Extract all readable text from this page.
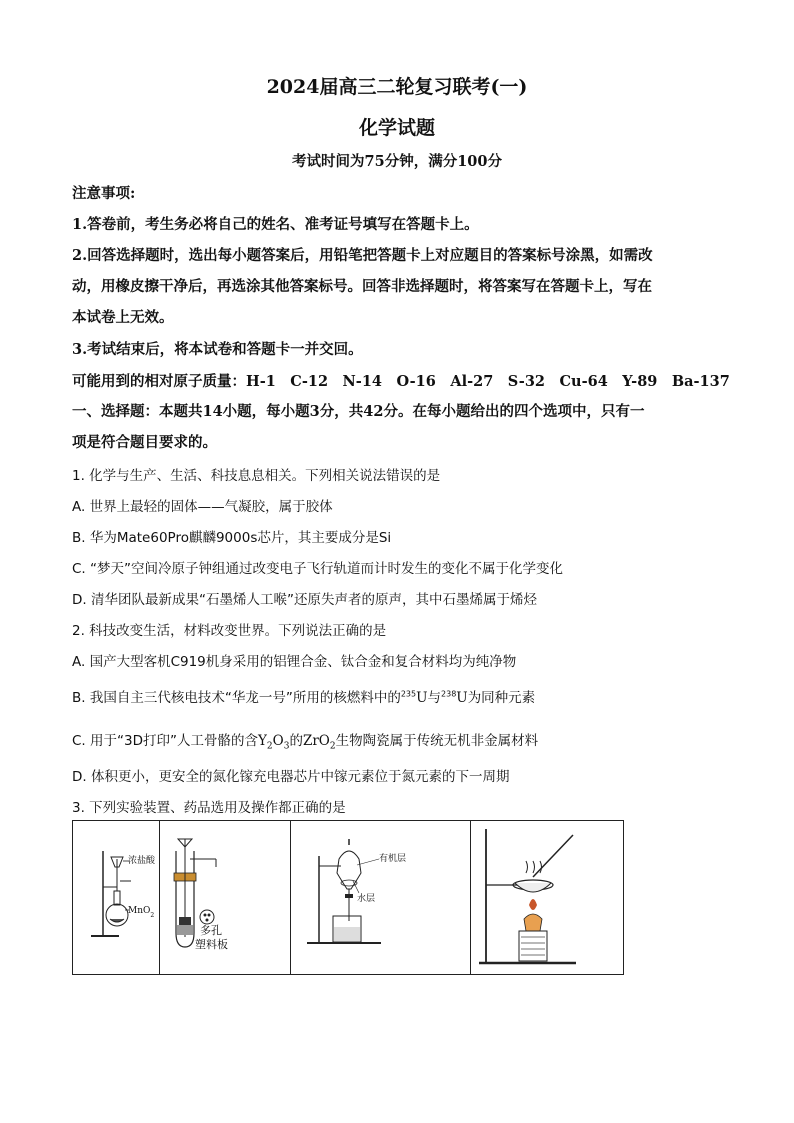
2024届高三二轮复习联考(一)
化学试题
考试时间为75分钟，满分100分
注意事项:
1.答卷前，考生务必将自己的姓名、准考证号填写在答题卡上。
2.回答选择题时，选出每小题答案后，用铅笔把答题卡上对应题目的答案标号涂黑，如需改
动，用橡皮擦干净后，再选涂其他答案标号。回答非选择题时，将答案写在答题卡上，写在
本试卷上无效。
3.考试结束后，将本试卷和答题卡一并交回。
可能用到的相对原子质量：H-1　C-12　N-14　O-16　Al-27　S-32　Cu-64　Y-89　Ba-137
一、选择题：本题共14小题，每小题3分，共42分。在每小题给出的四个选项中，只有一
项是符合题目要求的。
1. 化学与生产、生活、科技息息相关。下列相关说法错误的是
A. 世界上最轻的固体——气凝胶，属于胶体
B. 华为Mate60Pro麒麟9000s芯片，其主要成分是Si
C. “梦天”空间冷原子钟组通过改变电子飞行轨道而计时发生的变化不属于化学变化
D. 清华团队最新成果“石墨烯人工喉”还原失声者的原声，其中石墨烯属于烯烃
2. 科技改变生活，材料改变世界。下列说法正确的是
A. 国产大型客机C919机身采用的铝锂合金、钛合金和复合材料均为纯净物
B. 我国自主三代核电技术“华龙一号”所用的核燃料中的$^{235}$U与$^{238}$U为同种元素
C. 用于“3D打印”人工骨骼的含$Y_2O_3$的ZrO$_2$生物陶瓷属于传统无机非金属材料
D. 体积更小，更安全的氮化镓充电器芯片中镓元素位于氮元素的下一周期
3. 下列实验装置、药品选用及操作都正确的是
浓盐酸
MnO$_2$
多孔
塑料板
有机层
水层
